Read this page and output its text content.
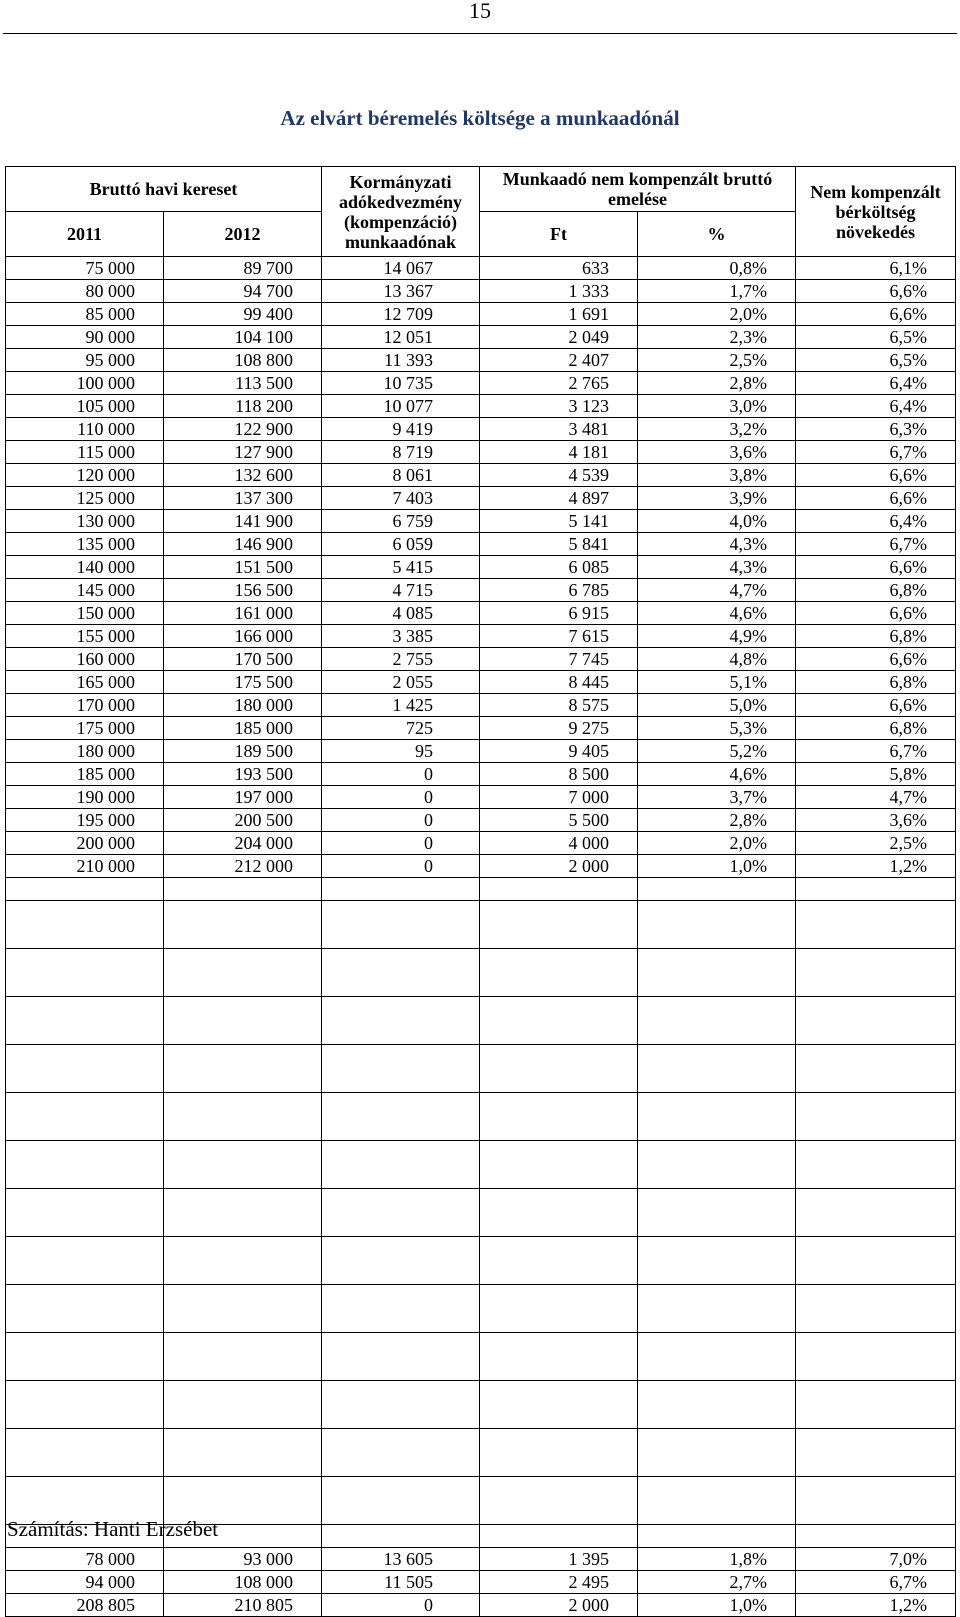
15
Az elvárt béremelés költsége a munkaadónál
Bruttó havi kereset		Kormányzati adókedvezmény (kompenzáció) munkaadónak	Munkaadó nem kompenzált bruttó emelése		Nem kompenzált bérköltség növekedés
2011	2012		Ft	%	
75 000	89 700	14 067	633	0,8%	6,1%
80 000	94 700	13 367	1 333	1,7%	6,6%
85 000	99 400	12 709	1 691	2,0%	6,6%
90 000	104 100	12 051	2 049	2,3%	6,5%
95 000	108 800	11 393	2 407	2,5%	6,5%
100 000	113 500	10 735	2 765	2,8%	6,4%
105 000	118 200	10 077	3 123	3,0%	6,4%
110 000	122 900	9 419	3 481	3,2%	6,3%
115 000	127 900	8 719	4 181	3,6%	6,7%
120 000	132 600	8 061	4 539	3,8%	6,6%
125 000	137 300	7 403	4 897	3,9%	6,6%
130 000	141 900	6 759	5 141	4,0%	6,4%
135 000	146 900	6 059	5 841	4,3%	6,7%
140 000	151 500	5 415	6 085	4,3%	6,6%
145 000	156 500	4 715	6 785	4,7%	6,8%
150 000	161 000	4 085	6 915	4,6%	6,6%
155 000	166 000	3 385	7 615	4,9%	6,8%
160 000	170 500	2 755	7 745	4,8%	6,6%
165 000	175 500	2 055	8 445	5,1%	6,8%
170 000	180 000	1 425	8 575	5,0%	6,6%
175 000	185 000	725	9 275	5,3%	6,8%
180 000	189 500	95	9 405	5,2%	6,7%
185 000	193 500	0	8 500	4,6%	5,8%
190 000	197 000	0	7 000	3,7%	4,7%
195 000	200 500	0	5 500	2,8%	3,6%
200 000	204 000	0	4 000	2,0%	2,5%
210 000	212 000	0	2 000	1,0%	1,2%

78 000	93 000	13 605	1 395	1,8%	7,0%
94 000	108 000	11 505	2 495	2,7%	6,7%
208 805	210 805	0	2 000	1,0%	1,2%
Számítás: Hanti Erzsébet
